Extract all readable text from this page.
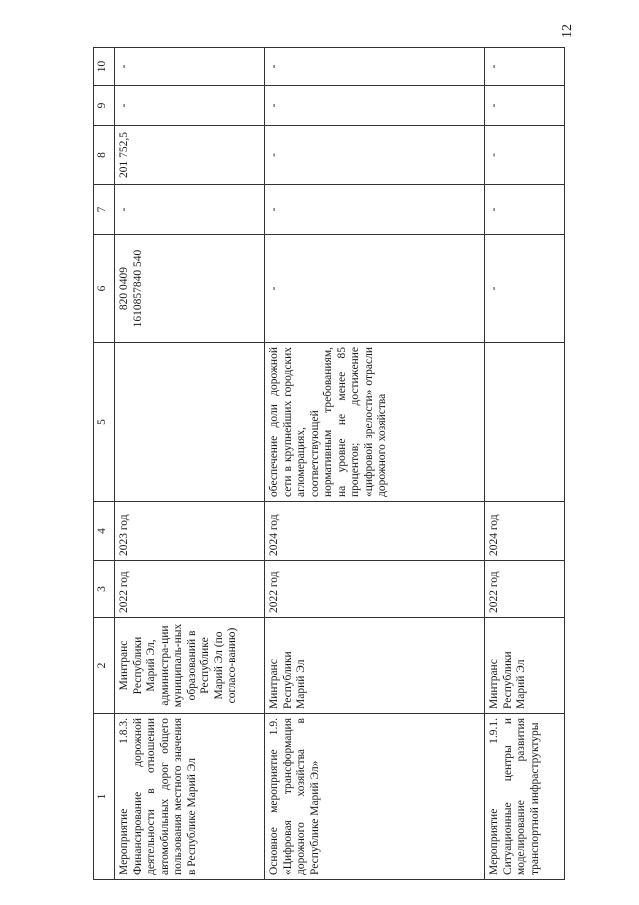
12
1	2	3	4	5	6	7	8	9	10
Мероприятие 1.8.3. Финансирование дорожной деятельности в отношении автомобильных дорог общего пользования местного значения в Республике Марий Эл	Минтранс Республики Марий Эл, администра-ции муниципаль-ных образований в Республике Марий Эл (по согласо-ванию)	2022 год	2023 год		820 0409 1610857840 540	-	201 752,5	-	-
Основное мероприятие 1.9. «Цифровая трансформация дорожного хозяйства в Республике Марий Эл»	Минтранс Республики Марий Эл	2022 год	2024 год	обеспечение доли дорожной сети в крупнейших городских агломерациях, соответствующей нормативным требованиям, на уровне не менее 85 процентов; достижение «цифровой зрелости» отрасли дорожного хозяйства	-	-	-	-	-
Мероприятие 1.9.1. Ситуационные центры и моделирование развития транспортной инфраструктуры	Минтранс Республики Марий Эл	2022 год	2024 год		-	-	-	-	-
